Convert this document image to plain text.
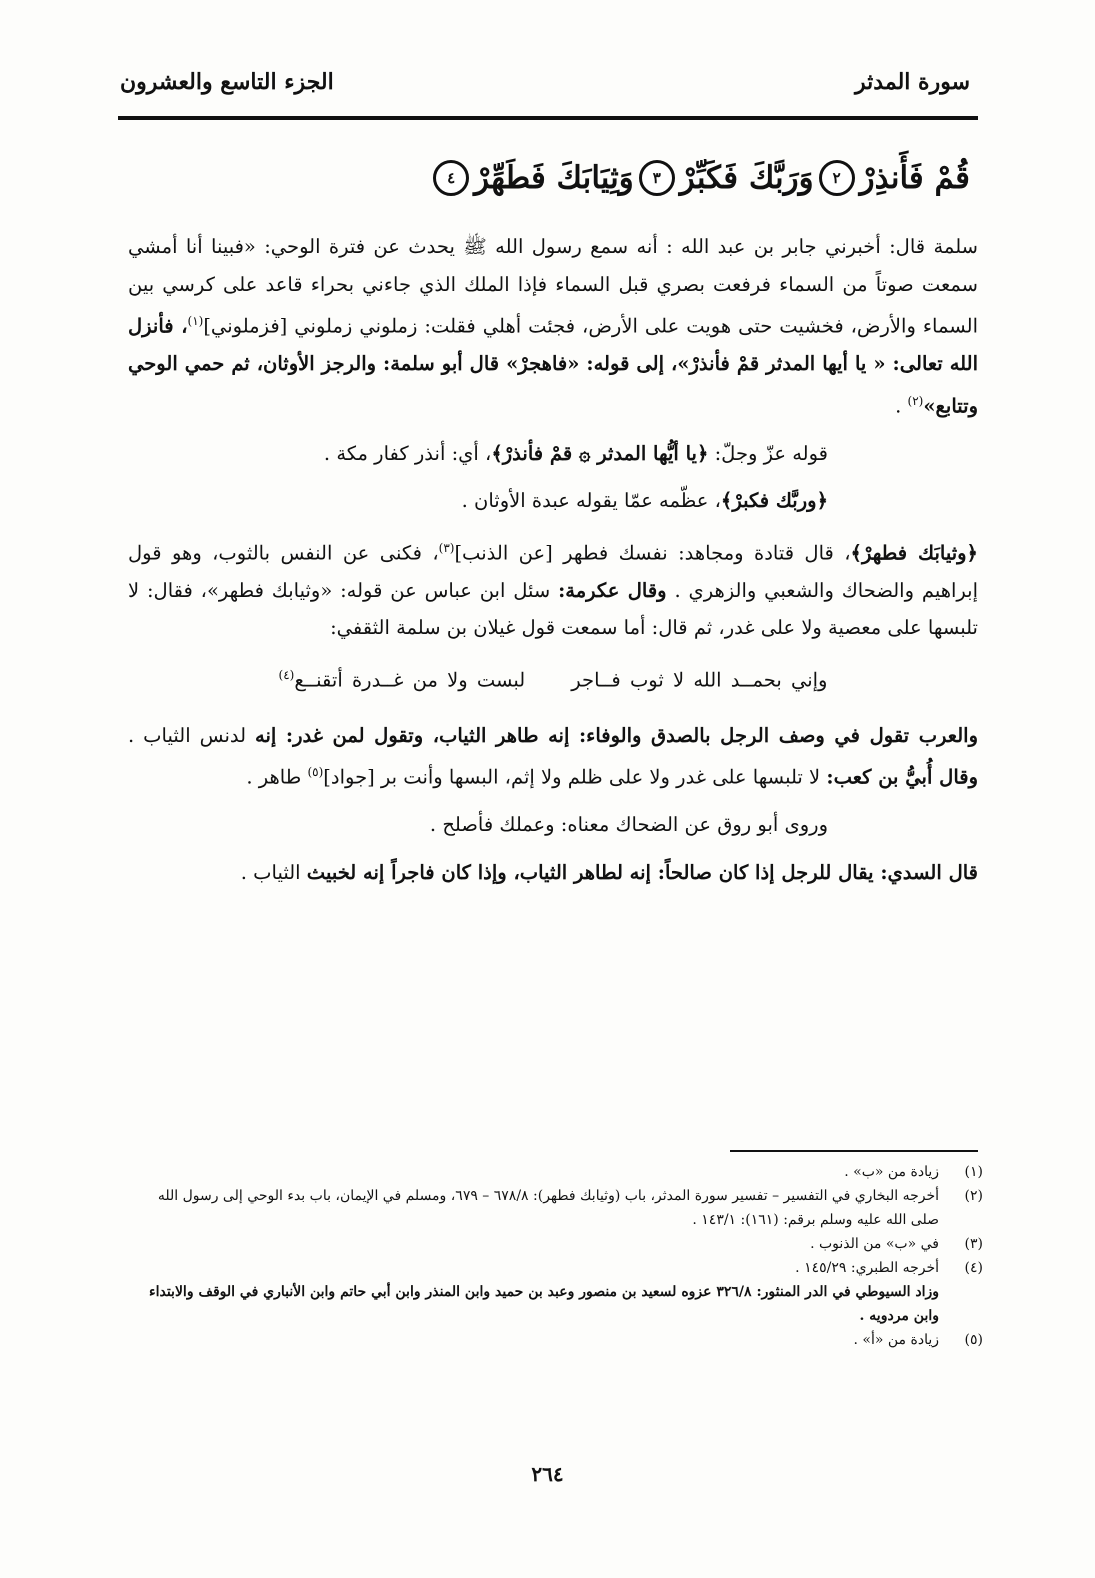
سورة المدثر
الجزء التاسع والعشرون
قُمْ فَأَنذِرْ
٢
وَرَبَّكَ فَكَبِّرْ
٣
وَثِيَابَكَ فَطَهِّرْ
٤

سلمة قال: أخبرني جابر بن عبد الله : أنه سمع رسول الله ﷺ يحدث عن فترة الوحي: «فبينا أنا أمشي سمعت صوتاً من السماء فرفعت بصري قبل السماء فإذا الملك الذي جاءني بحراء قاعد على كرسي بين السماء والأرض، فخشيت حتى هويت على الأرض، فجئت أهلي فقلت: زملوني زملوني [فزملوني]$^{(١)}$، فأنزل الله تعالى: « يا أيها المدثر قمْ فأنذرْ»، إلى قوله: «فاهجرْ» قال أبو سلمة: والرجز الأوثان، ثم حمي الوحي وتتابع»$^{(٢)}$ .

قوله عزّ وجلّ: ﴿يا أيُّها المدثر ۞ قمْ فأنذرْ﴾، أي: أنذر كفار مكة .

﴿وربَّك فكبرْ﴾، عظّمه عمّا يقوله عبدة الأوثان .

﴿وثيابَك فطهرْ﴾، قال قتادة ومجاهد: نفسك فطهر [عن الذنب]$^{(٣)}$، فكنى عن النفس بالثوب، وهو قول إبراهيم والضحاك والشعبي والزهري . وقال عكرمة: سئل ابن عباس عن قوله: «وثيابك فطهر»، فقال: لا تلبسها على معصية ولا على غدر، ثم قال: أما سمعت قول غيلان بن سلمة الثقفي:

وإني بحمــد الله لا ثوب فــاجر     لبست ولا من غــدرة أتقنــع$^{(٤)}$

والعرب تقول في وصف الرجل بالصدق والوفاء: إنه طاهر الثياب، وتقول لمن غدر: إنه لدنس الثياب . وقال أُبيُّ بن كعب: لا تلبسها على غدر ولا على ظلم ولا إثم، البسها وأنت بر [جواد]$^{(٥)}$ طاهر .

وروى أبو روق عن الضحاك معناه: وعملك فأصلح .

قال السدي: يقال للرجل إذا كان صالحاً: إنه لطاهر الثياب، وإذا كان فاجراً إنه لخبيث الثياب .

(١)
زيادة من «ب» .
(٢)
أخرجه البخاري في التفسير – تفسير سورة المدثر، باب (وثيابك فطهر): ٦٧٨/٨ – ٦٧٩، ومسلم في الإيمان، باب بدء الوحي إلى رسول الله صلى الله عليه وسلم برقم: (١٦١): ١٤٣/١ .
(٣)
في «ب» من الذنوب .
(٤)
أخرجه الطبري: ١٤٥/٢٩ .
وزاد السيوطي في الدر المنثور: ٣٢٦/٨ عزوه لسعيد بن منصور وعبد بن حميد وابن المنذر وابن أبي حاتم وابن الأنباري في الوقف والابتداء وابن مردويه .
(٥)
زيادة من «أ» .
٢٦٤
